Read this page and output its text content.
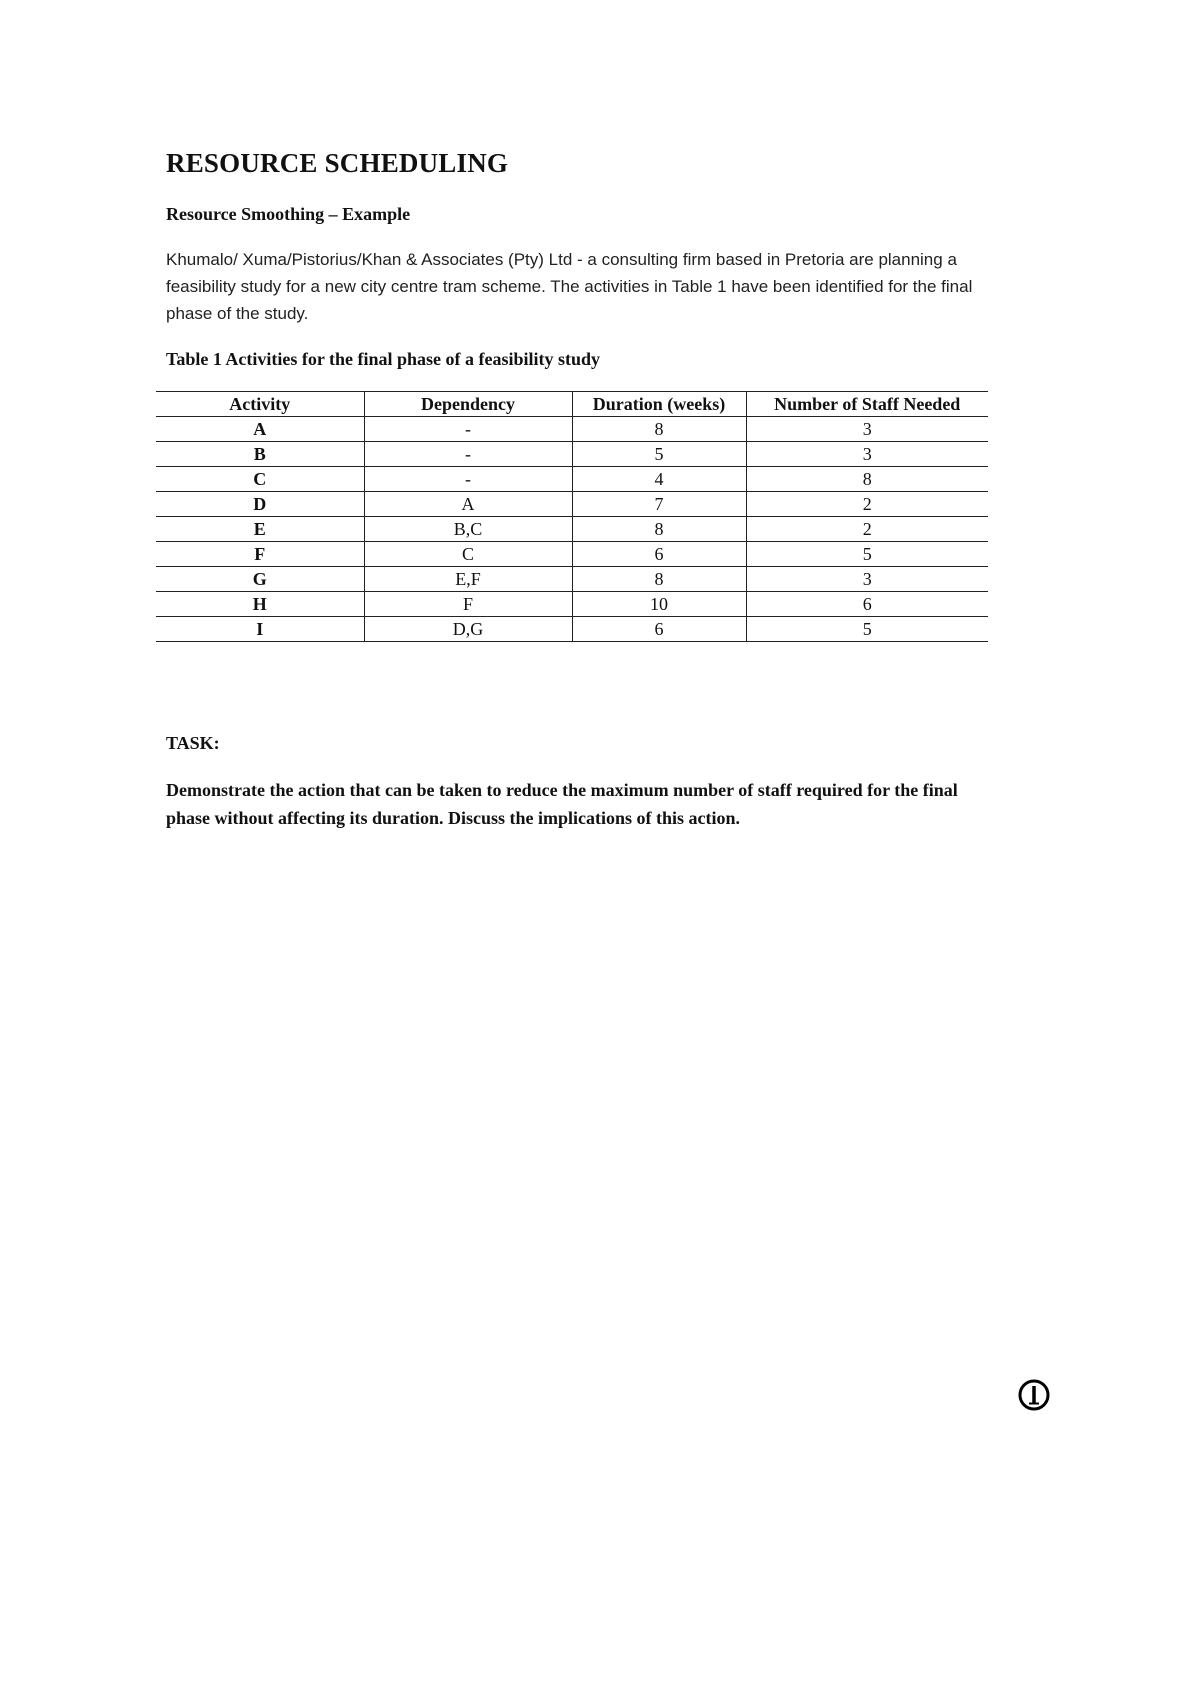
RESOURCE SCHEDULING
Resource Smoothing – Example
Khumalo/ Xuma/Pistorius/Khan & Associates (Pty) Ltd - a consulting firm based in Pretoria are planning a feasibility study for a new city centre tram scheme. The activities in Table 1 have been identified for the final phase of the study.
Table 1 Activities for the final phase of a feasibility study
Activity	Dependency	Duration (weeks)	Number of Staff Needed
A	-	8	3
B	-	5	3
C	-	4	8
D	A	7	2
E	B,C	8	2
F	C	6	5
G	E,F	8	3
H	F	10	6
I	D,G	6	5
TASK:
Demonstrate the action that can be taken to reduce the maximum number of staff required for the final phase without affecting its duration. Discuss the implications of this action.
